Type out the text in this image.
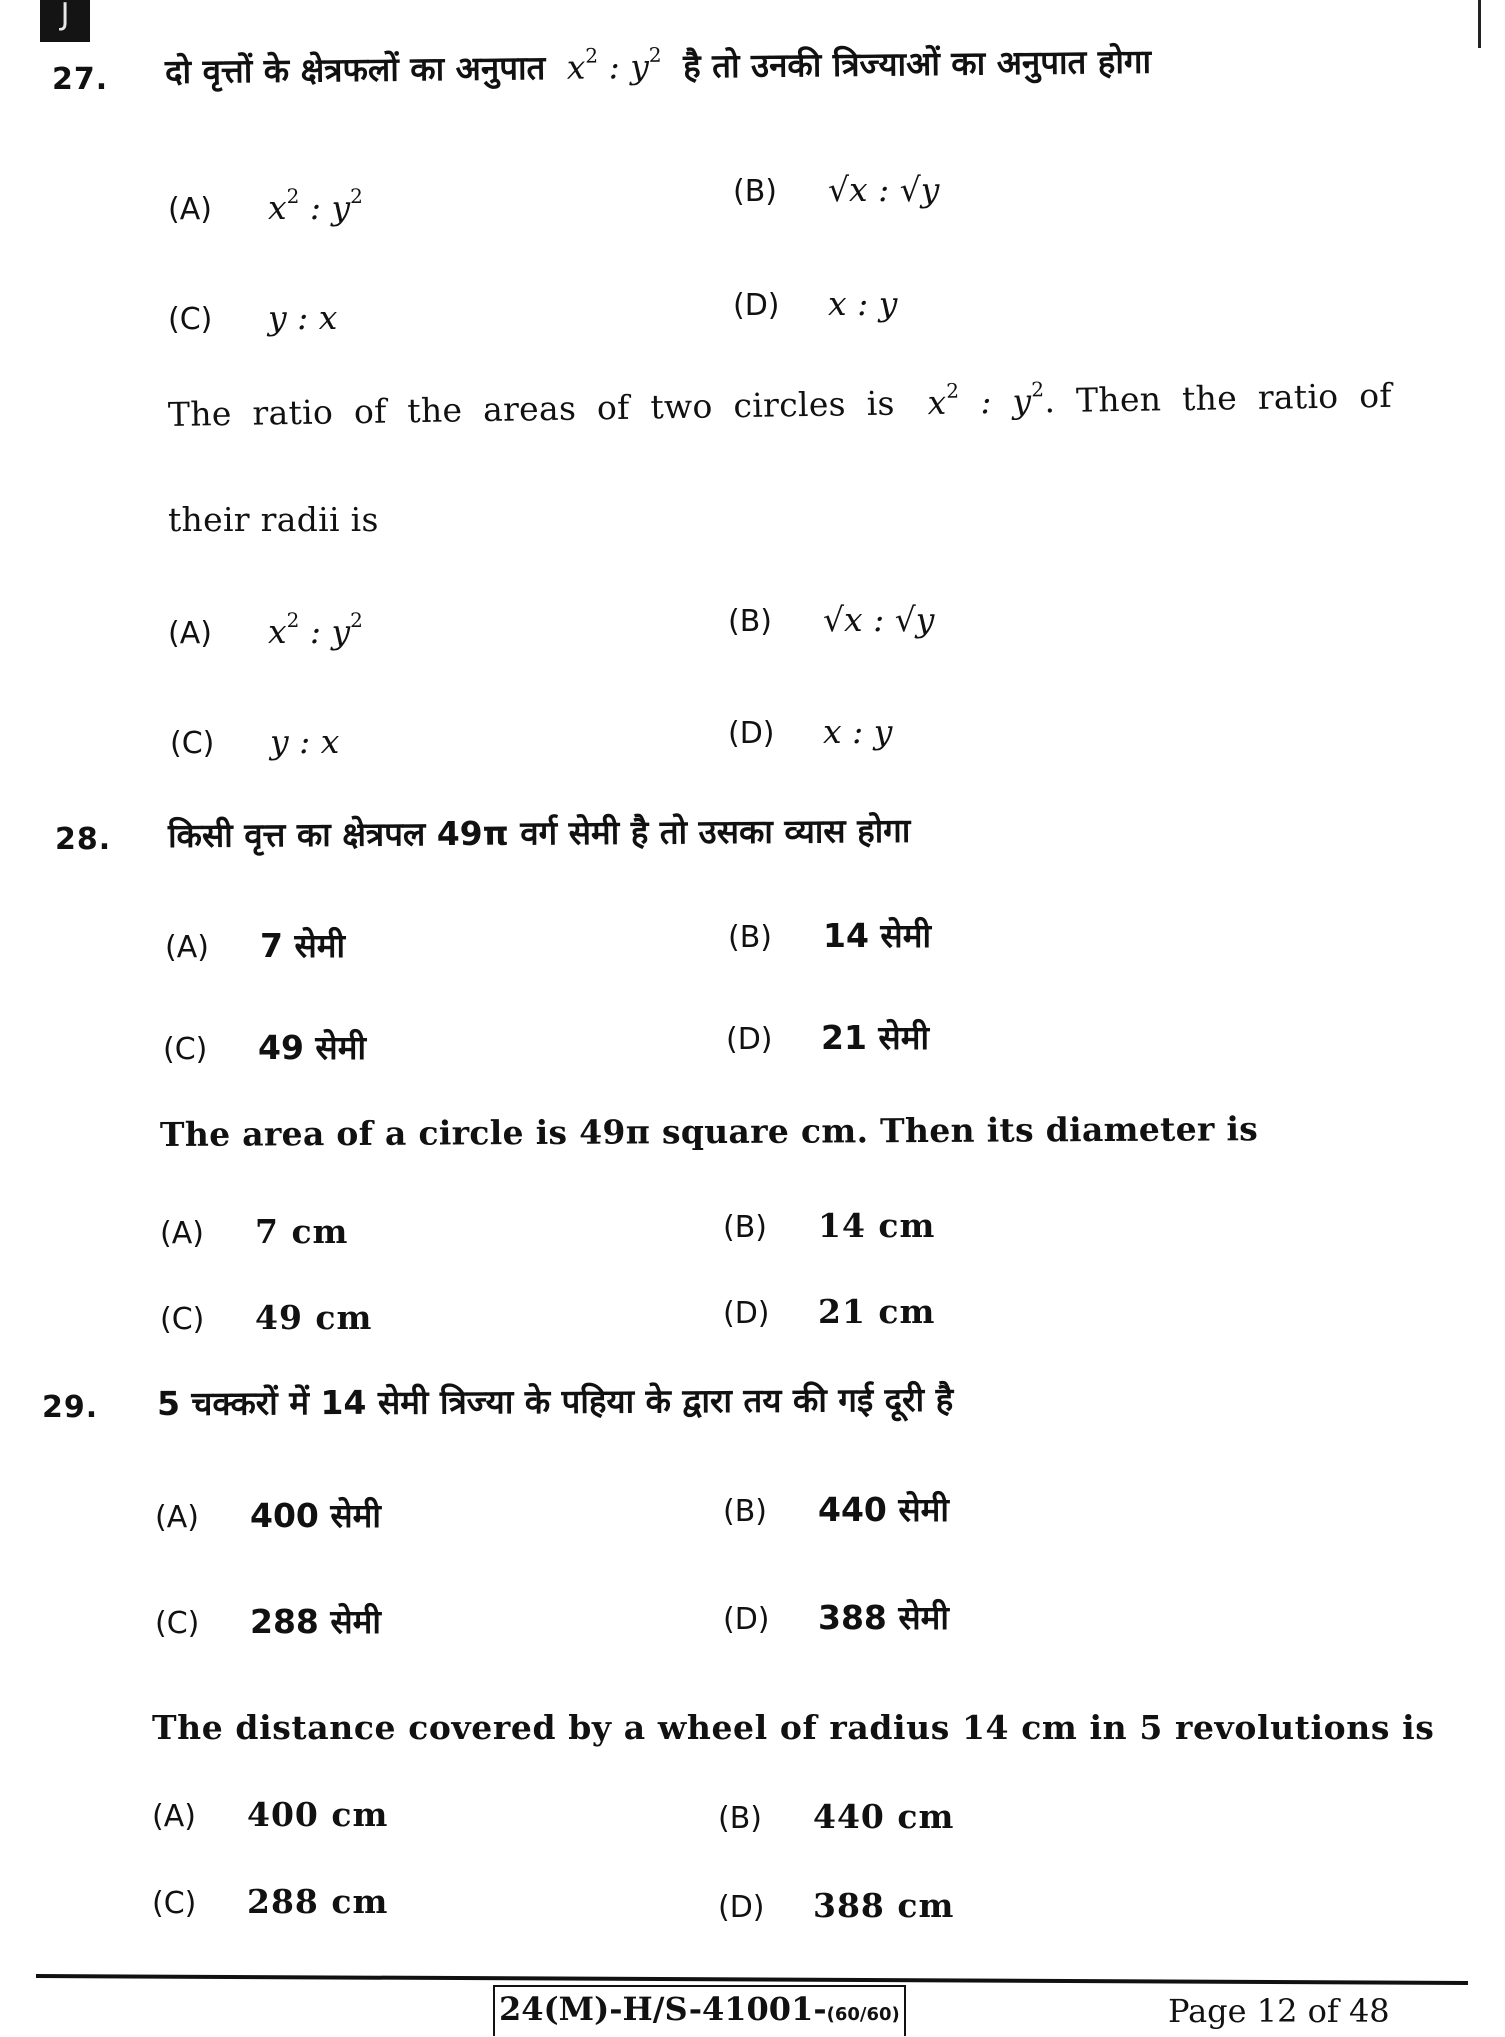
J
27. दो वृत्तों के क्षेत्रफलों का अनुपात $x^2$ : $y^2$ है तो उनकी त्रिज्याओं का अनुपात होगा
(A)	$x^2$ : $y^2$	(B)	√x : √y
(C)	y : x	(D)	x : y
The ratio of the areas of two circles is $x^2$ : $y^2$. Then the ratio of
their radii is
(A)	$x^2$ : $y^2$	(B)	√x : √y
(C)	y : x	(D)	x : y
28. किसी वृत्त का क्षेत्रपल 49π वर्ग सेमी है तो उसका व्यास होगा
(A)	7 सेमी	(B)	14 सेमी
(C)	49 सेमी	(D)	21 सेमी
The area of a circle is 49π square cm. Then its diameter is
(A)	7 cm	(B)	14 cm
(C)	49 cm	(D)	21 cm
29. 5 चक्करों में 14 सेमी त्रिज्या के पहिया के द्वारा तय की गई दूरी है
(A)	400 सेमी	(B)	440 सेमी
(C)	288 सेमी	(D)	388 सेमी
The distance covered by a wheel of radius 14 cm in 5 revolutions is
(A)	400 cm	(B)	440 cm
(C)	288 cm	(D)	388 cm
24(M)-H/S-41001-(60/60)	Page 12 of 48
